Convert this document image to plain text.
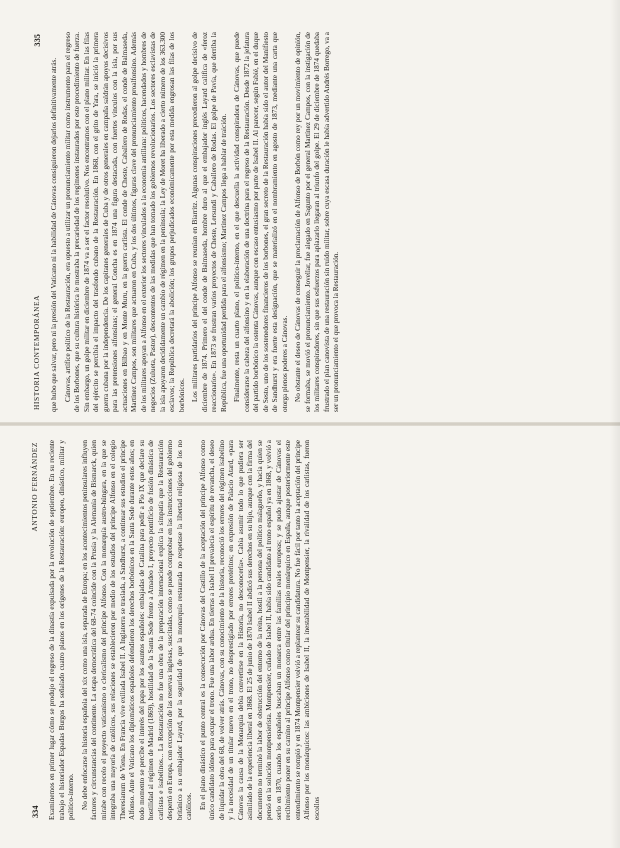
334
ANTONIO FERNÁNDEZ Examinemos en primer lugar cómo se produjo el regreso de la dinastía expulsada por la revolución de septiembre. En su reciente trabajo el historiador Espadas Burgos ha señalado cuatro planos en los orígenes de la Restauración: europeo, dinástico, militar y político-interno. No debe enfocarse la historia española del xix como una isla, separada de Europa; en los acontecimientos peninsulares influyen factores y circunstancias del continente. La etapa democrática del 68-74 coincide con la Prusia y la Alemania de Bismarck, quien mirabe con recelo el proyecto vaticanismo o clericalismo del príncipe Alfonso. Con la monarquía austro-húngara, en la que se integraba una mayoría de católicos, sus relaciones se establecieron por medio de los estudios del príncipe Alfonso en el colegio Theresianum de Viena. En Francia vive exiliada Isabel II. A Inglaterra se traslada, a Sandhurst, a continuar sus estudios el príncipe Alfonso. Ante el Vaticano los diplomáticos españoles defendieron los derechos borbónicos en la Santa Sede durante estos años; en todo momento se percibe el interés del papa por los asuntos españoles: embajadas de Catalina para pedir a Pío IX que declare su hostilidad al régimen de Madrid (1869), hostilidad de la Santa Sede frente a Amadeo I, proyecto pontificio de fusión dinástica de carlistas e isabelinos... La Restauración no fue una obra de la preparación internacional explica la simpatía que la Restauración despertó en Europa, con excepción de las reservas inglesas, suscitadas, como se puede comprobar en las instrucciones del gobierno británico a su embajador Layard, por la seguridad de que la monarquía restaurada no respetase la libertad religiosa de los no católicos. En el plano dinástico el punto central es la consecución por Cánovas del Castillo de la aceptación del príncipe Alfonso como único candidato idóneo para ocupar el trono. Fue una labor ardua. En tierras a Isabel II prevalecía el espíritu de revancha, el deseo de liquidar la obra del 68, de volver atrás. Cánovas, con su conocimiento de la historia, reconoció los errores del régimen isabelino y la necesidad de un titular nuevo en el trono, no desprestigiado por errores pretéritos; en expresión de Palacio Atard, «para Cánovas la causa de la Monarquía debía convertirse en la Historia, no desconocerla». Cabía asumir todo lo que pudiera ser asimilado de la experiencia liberal en 1868. El 25 de junio de 1870 Isabel II abdicó sus derechos en su hijo, aunque con la firma del documento no terminó la labor de obstrucción del entorno de la reina, hostil a la persona del político malagueño, y hacia quien se pensó en la solución montpensierista. Montpensier, cuñado de Isabel II, había sido candidato al trono español ya en 1868, y volvió a serlo en 1870, cuando los españoles buscaban un monarca entre las familias reales europeas; y se pudo ajustar de Cánovas el recibimiento poner en su camino al príncipe Alfonso como titular del principio monárquico en España, aunque posteriormente este entendimiento se rompió y en 1874 Montpensier volvió a replantear su candidatura. No fue fácil por tanto la aceptación del príncipe Alfonso por los monárquicos: las ambiciones de Isabel II, la inestabilidad de Montpensier, la rivalidad de los carlistas, fueron escollos

HISTORIA CONTEMPORÁNEA
335

que hubo que salvar, pero ni la presión del Vaticano ni la habilidad de Cánovas consiguieron dejarlos definitivamente atrás. Cánovas, artífice político de la Restauración, era opuesto a utilizar un pronunciamiento militar como instrumento para el regreso de los Borbones, que su cultura histórica le mostraba la precariedad de los regímenes instaurados por este procedimiento de fuerza. Sin embargo, un golpe militar en diciembre de 1874 va a ser el factor resolutivo. Nos encontramos con el plano militar. En las filas del ejército se percibía el impacto del trasfondo cubano de la Restauración. En 1868, con el grito de Yara, se inició la primera guerra cubana por la independencia. De los capitanes generales de Cuba y de otros generales en campaña saldrán apoyos decisivos para las pretensiones alfonsinas; el general Concha es en 1874 una figura destacada, con fuertes vínculos con la isla, por sus actuaciones en Bilbao y en Monte Muru, en la guerra carlista. El conde de Cheste, Caballero de Rodas, el conde de Balmaseda, Martínez Campos, son militares que actuaron en Cuba, y los dos últimos, figuras clave del pronunciamiento proalfonsino. Además de los militares apoyan a Alfonso en el exterior los sectores vinculados a la economía antillana: políticos, hacendados y hombres de negocios (Zulueta, Pastor), descontentos de las medidas que han tomado los gobiernos revolucionarios. Los sectores esclavistas de la isla apoyaron decididamente un cambio de régimen en la península; la Ley de Moret ha liberado a cierto número de los 363.300 esclavos; la República decretará la abolición; los grupos perjudicados económicamente por esta medida engrosan las filas de los borbónicos. Los militares partidarios del príncipe Alfonso se reunían en Biarritz. Algunas conspiraciones precedieron al golpe decisivo de diciembre de 1874. Primero el del conde de Balmaseda, hombre duro al que el embajador inglés Layard califica de «feroz reaccionario». En 1873 se frustran varios proyectos de Cheste, Lersundi y Caballero de Rodas. El golpe de Pavía, que derriba la República, fue una oportunidad perdida para el alfonsismo; Martínez Campos llega a hablar de traición. Finalmente, resta un cuarto plano, el político-interno, en el que descuella la actividad conspiradora de Cánovas, que puede considerarse la cabeza del alfonsino y en la elaboración de una doctrina para el regreso de la Restauración. Desde 1872 la jefatura del partido borbónico la ostenta Cánovas, aunque con escaso entusiasmo por parte de Isabel II. Al parecer, según Fabié, en el duque de Sesto, uno de los sostenedores financieros de los borbones, el gran secreto de la Restauración había sido el autor del Manifiesto de Sandhurst y era fuerte esta designación, que se materializó en el nombramiento en agosto de 1873, mediante una carta que otorga plenos poderes a Cánovas. No obstante el deseo de Cánovas de conseguir la proclamación de Alfonso de Borbón como rey por un movimiento de opinión, se formaba, se movió el pronunciamiento. Jovellar, fue alegado en Sagunto por el general Martínez Campos, con la instigación de los militares conspiradores, sin que sus esfuerzos para aplazarlo llegaran al triunfo del golpe. El 29 de diciembre de 1874 quedaba frustrado el plan canovista de una restauración sin ruido militar, sobre cuya escasa duración le había advertido Andrés Borrego, va a ser un pronunciamiento el que provoca la Restauración.
